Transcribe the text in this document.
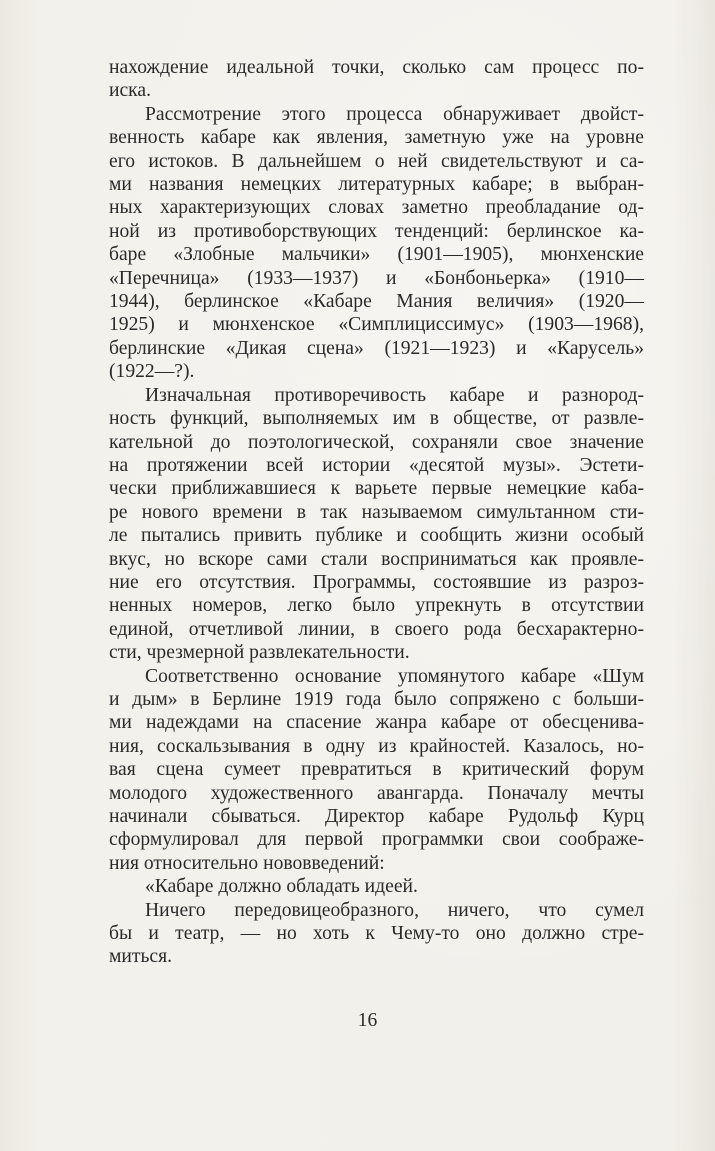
нахождение идеальной точки, сколько сам процесс по-
иска.

Рассмотрение этого процесса обнаруживает двойст-
венность кабаре как явления, заметную уже на уровне
его истоков. В дальнейшем о ней свидетельствуют и са-
ми названия немецких литературных кабаре; в выбран-
ных характеризующих словах заметно преобладание од-
ной из противоборствующих тенденций: берлинское ка-
баре «Злобные мальчики» (1901—1905), мюнхенские
«Перечница» (1933—1937) и «Бонбоньерка» (1910—
1944), берлинское «Кабаре Мания величия» (1920—
1925) и мюнхенское «Симплициссимус» (1903—1968),
берлинские «Дикая сцена» (1921—1923) и «Карусель»
(1922—?).

Изначальная противоречивость кабаре и разнород-
ность функций, выполняемых им в обществе, от развле-
кательной до поэтологической, сохраняли свое значение
на протяжении всей истории «десятой музы». Эстети-
чески приближавшиеся к варьете первые немецкие каба-
ре нового времени в так называемом симультанном сти-
ле пытались привить публике и сообщить жизни особый
вкус, но вскоре сами стали восприниматься как проявле-
ние его отсутствия. Программы, состоявшие из разроз-
ненных номеров, легко было упрекнуть в отсутствии
единой, отчетливой линии, в своего рода бесхарактерно-
сти, чрезмерной развлекательности.

Соответственно основание упомянутого кабаре «Шум
и дым» в Берлине 1919 года было сопряжено с больши-
ми надеждами на спасение жанра кабаре от обесценива-
ния, соскальзывания в одну из крайностей. Казалось, но-
вая сцена сумеет превратиться в критический форум
молодого художественного авангарда. Поначалу мечты
начинали сбываться. Директор кабаре Рудольф Курц
сформулировал для первой программки свои соображе-
ния относительно нововведений:

«Кабаре должно обладать идеей.

Ничего передовицеобразного, ничего, что сумел
бы и театр, — но хоть к Чему-то оно должно стре-
миться.

16
